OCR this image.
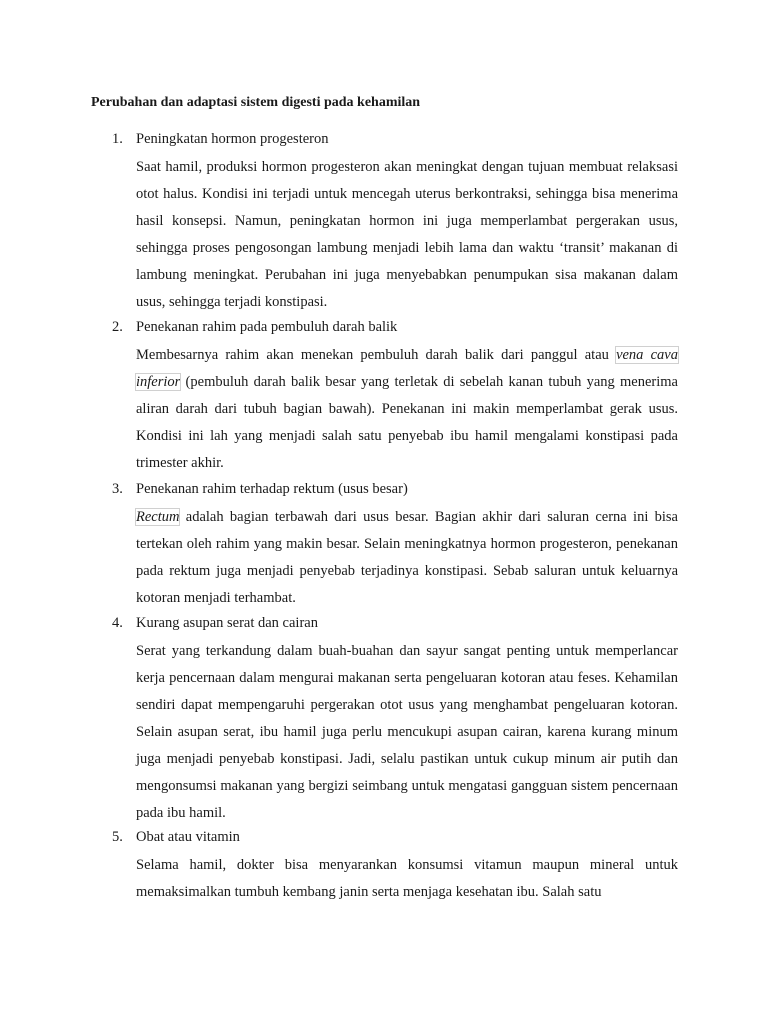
Perubahan dan adaptasi sistem digesti pada kehamilan
1. Peningkatan hormon progesteron

Saat hamil, produksi hormon progesteron akan meningkat dengan tujuan membuat relaksasi otot halus. Kondisi ini terjadi untuk mencegah uterus berkontraksi, sehingga bisa menerima hasil konsepsi. Namun, peningkatan hormon ini juga memperlambat pergerakan usus, sehingga proses pengosongan lambung menjadi lebih lama dan waktu ‘transit’ makanan di lambung meningkat. Perubahan ini juga menyebabkan penumpukan sisa makanan dalam usus, sehingga terjadi konstipasi.

2. Penekanan rahim pada pembuluh darah balik

Membesarnya rahim akan menekan pembuluh darah balik dari panggul atau vena cava inferior (pembuluh darah balik besar yang terletak di sebelah kanan tubuh yang menerima aliran darah dari tubuh bagian bawah). Penekanan ini makin memperlambat gerak usus. Kondisi ini lah yang menjadi salah satu penyebab ibu hamil mengalami konstipasi pada trimester akhir.

3. Penekanan rahim terhadap rektum (usus besar)

Rectum adalah bagian terbawah dari usus besar. Bagian akhir dari saluran cerna ini bisa tertekan oleh rahim yang makin besar. Selain meningkatnya hormon progesteron, penekanan pada rektum juga menjadi penyebab terjadinya konstipasi. Sebab saluran untuk keluarnya kotoran menjadi terhambat.

4. Kurang asupan serat dan cairan

Serat yang terkandung dalam buah-buahan dan sayur sangat penting untuk memperlancar kerja pencernaan dalam mengurai makanan serta pengeluaran kotoran atau feses. Kehamilan sendiri dapat mempengaruhi pergerakan otot usus yang menghambat pengeluaran kotoran. Selain asupan serat, ibu hamil juga perlu mencukupi asupan cairan, karena kurang minum juga menjadi penyebab konstipasi. Jadi, selalu pastikan untuk cukup minum air putih dan mengonsumsi makanan yang bergizi seimbang untuk mengatasi gangguan sistem pencernaan pada ibu hamil.

5. Obat atau vitamin

Selama hamil, dokter bisa menyarankan konsumsi vitamun maupun mineral untuk memaksimalkan tumbuh kembang janin serta menjaga kesehatan ibu. Salah satu
